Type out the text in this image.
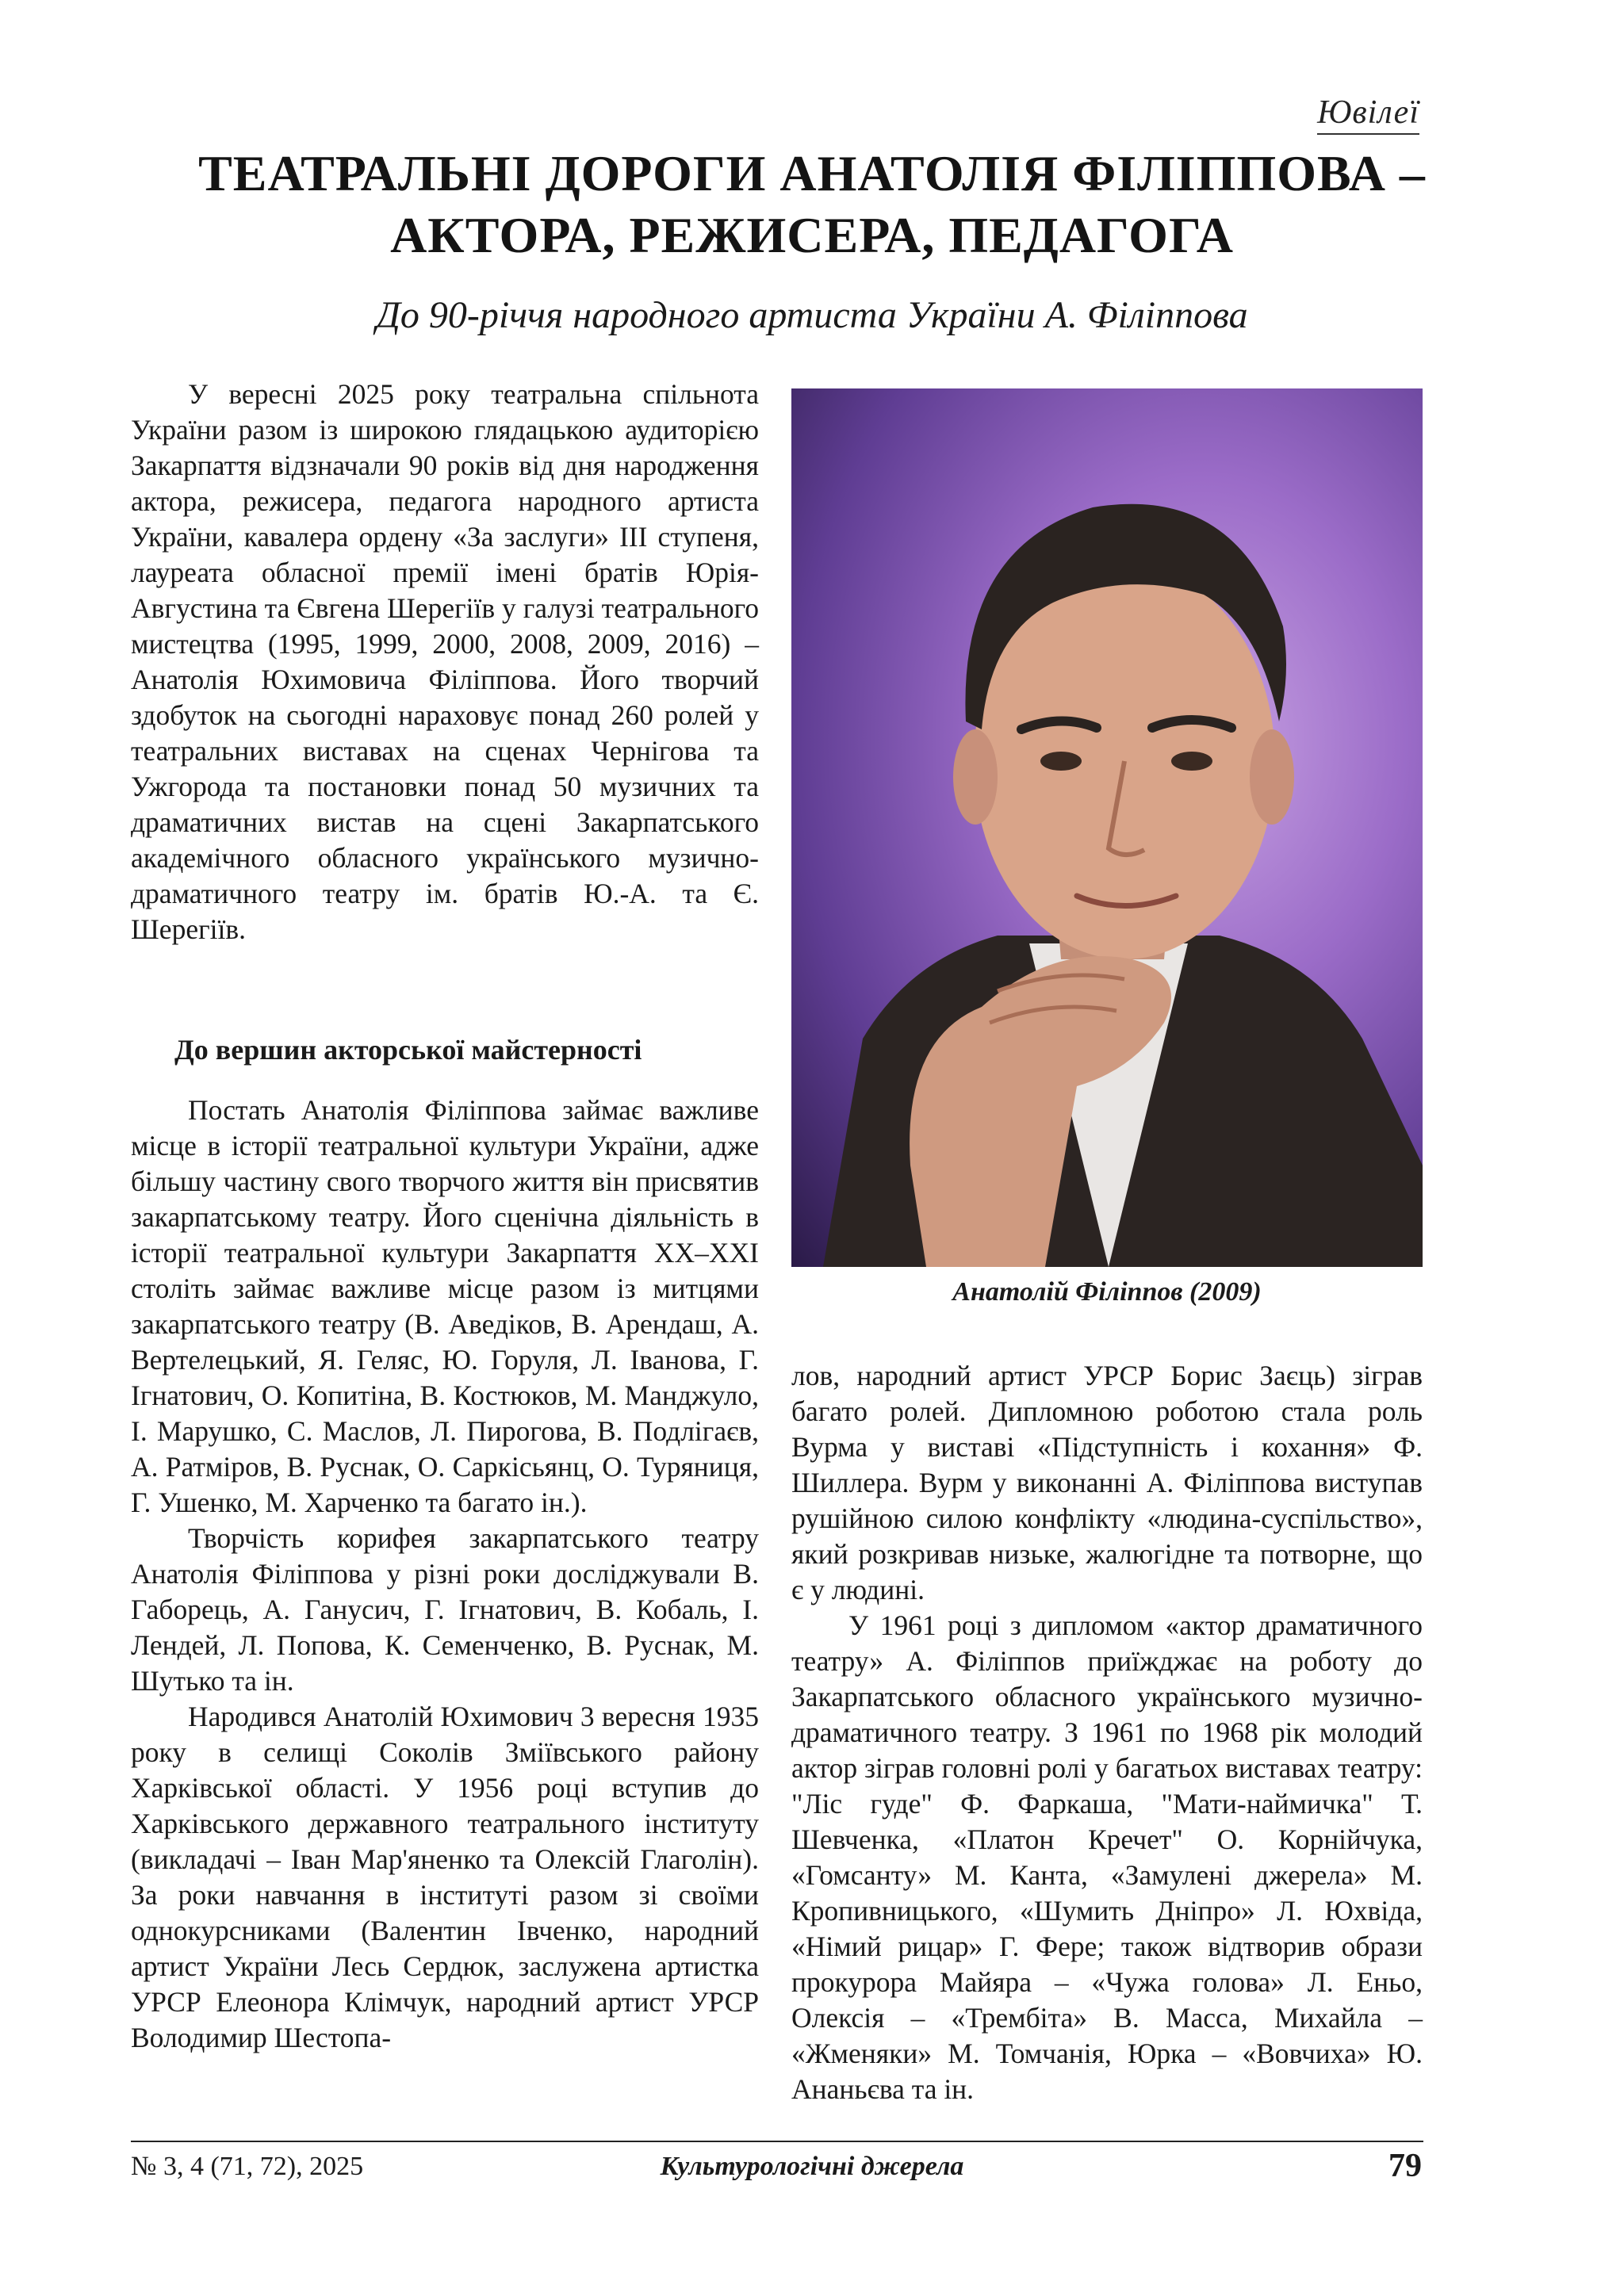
Ювілеї
ТЕАТРАЛЬНІ ДОРОГИ АНАТОЛІЯ ФІЛІППОВА –
АКТОРА, РЕЖИСЕРА, ПЕДАГОГА
До 90-річчя народного артиста України А. Філіппова

У вересні 2025 року театральна спільнота України разом із широкою глядацькою аудиторією Закарпаття відзначали 90 років від дня народження актора, режисера, педагога народного артиста України, кавалера ордену «За заслуги» ІІІ ступеня, лауреата обласної премії імені братів Юрія-Августина та Євгена Шерегіїв у галузі театрального мистецтва (1995, 1999, 2000, 2008, 2009, 2016) – Анатолія Юхимовича Філіппова. Його творчий здобуток на сьогодні нараховує понад 260 ролей у театральних виставах на сценах Чернігова та Ужгорода та постановки понад 50 музичних та драматичних вистав на сцені Закарпатського академічного обласного українського музично-драматичного театру ім. братів Ю.-А. та Є. Шерегіїв.

До вершин акторської майстерності

Постать Анатолія Філіппова займає важливе місце в історії театральної культури України, адже більшу частину свого творчого життя він присвятив закарпатському театру. Його сценічна діяльність в історії театральної культури Закарпаття XX–XXI століть займає важливе місце разом із митцями закарпатського театру (В. Аведіков, В. Арендаш, А. Вертелецький, Я. Геляс, Ю. Горуля, Л. Іванова, Г. Ігнатович, О. Копитіна, В. Костюков, М. Манджуло, І. Марушко, С. Маслов, Л. Пирогова, В. Подлігаєв, А. Ратміров, В. Руснак, О. Саркісьянц, О. Туряниця, Г. Ушенко, М. Харченко та багато ін.).

Творчість корифея закарпатського театру Анатолія Філіппова у різні роки досліджували В. Габорець, А. Ганусич, Г. Ігнатович, В. Кобаль, І. Лендей, Л. Попова, К. Семенченко, В. Руснак, М. Шутько та ін.

Народився Анатолій Юхимович 3 вересня 1935 року в селищі Соколів Зміївського району Харківської області. У 1956 році вступив до Харківського державного театрального інституту (викладачі – Іван Мар'яненко та Олексій Глаголін). За роки навчання в інституті разом зі своїми однокурсниками (Валентин Івченко, народний артист України Лесь Сердюк, заслужена артистка УРСР Елеонора Клімчук, народний артист УРСР Володимир Шестопа-

Анатолій Філіппов (2009)

лов, народний артист УРСР Борис Заєць) зіграв багато ролей. Дипломною роботою стала роль Вурма у виставі «Підступність і кохання» Ф. Шиллера. Вурм у виконанні А. Філіппова виступав рушійною силою конфлікту «людина-суспільство», який розкривав низьке, жалюгідне та потворне, що є у людині.

У 1961 році з дипломом «актор драматичного театру» А. Філіппов приїжджає на роботу до Закарпатського обласного українського музично-драматичного театру. З 1961 по 1968 рік молодий актор зіграв головні ролі у багатьох виставах театру: "Ліс гуде" Ф. Фаркаша, "Мати-наймичка" Т. Шевченка, «Платон Кречет" О. Корнійчука, «Гомсанту» М. Канта, «Замулені джерела» М. Кропивницького, «Шумить Дніпро» Л. Юхвіда, «Німий рицар» Г. Фере; також відтворив образи прокурора Майяра – «Чужа голова» Л. Еньо, Олексія – «Трембіта» В. Масса, Михайла – «Жменяки» М. Томчанія, Юрка – «Вовчиха» Ю. Ананьєва та ін.

№ 3, 4 (71, 72), 2025	Культурологічні джерела	79
